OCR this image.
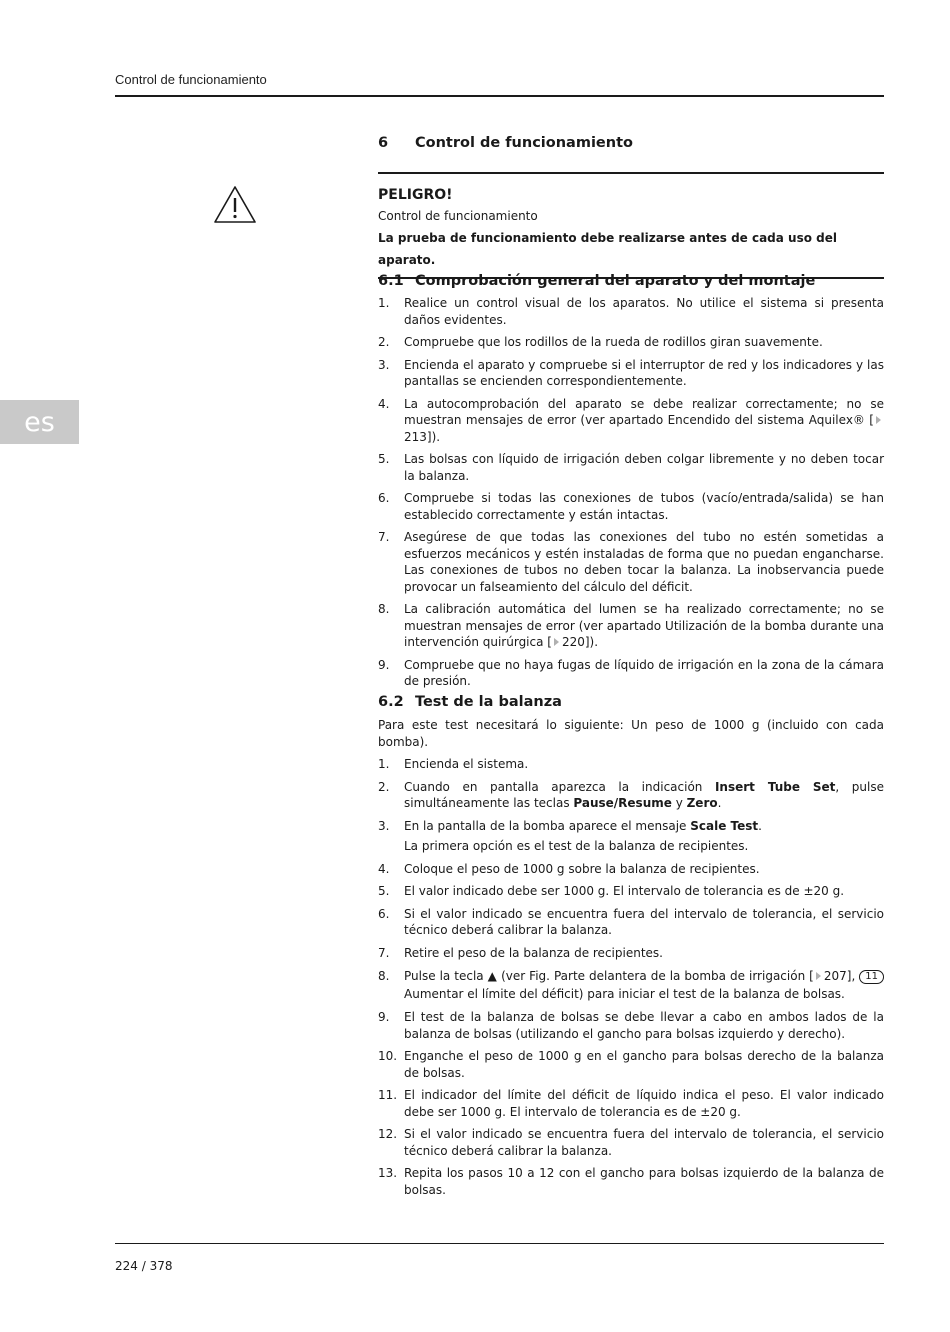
Control de funcionamiento
es
6 Control de funcionamiento
PELIGRO!
Control de funcionamiento
La prueba de funcionamiento debe realizarse antes de cada uso del aparato.
6.1 Comprobación general del aparato y del montaje
1. Realice un control visual de los aparatos. No utilice el sistema si presenta daños evidentes.
2. Compruebe que los rodillos de la rueda de rodillos giran suavemente.
3. Encienda el aparato y compruebe si el interruptor de red y los indicadores y las pantallas se encienden correspondientemente.
4. La autocomprobación del aparato se debe realizar correctamente; no se muestran mensajes de error (ver apartado Encendido del sistema Aquilex® [213]).
5. Las bolsas con líquido de irrigación deben colgar libremente y no deben tocar la balanza.
6. Compruebe si todas las conexiones de tubos (vacío/entrada/salida) se han establecido correctamente y están intactas.
7. Asegúrese de que todas las conexiones del tubo no estén sometidas a esfuerzos mecánicos y estén instaladas de forma que no puedan engancharse. Las conexiones de tubos no deben tocar la balanza. La inobservancia puede provocar un falseamiento del cálculo del déficit.
8. La calibración automática del lumen se ha realizado correctamente; no se muestran mensajes de error (ver apartado Utilización de la bomba durante una intervención quirúrgica [ 220]).
9. Compruebe que no haya fugas de líquido de irrigación en la zona de la cámara de presión.
6.2 Test de la balanza
Para este test necesitará lo siguiente: Un peso de 1000 g (incluido con cada bomba).
1. Encienda el sistema.
2. Cuando en pantalla aparezca la indicación Insert Tube Set, pulse simultáneamente las teclas Pause/Resume y Zero.
3. En la pantalla de la bomba aparece el mensaje Scale Test.
La primera opción es el test de la balanza de recipientes.
4. Coloque el peso de 1000 g sobre la balanza de recipientes.
5. El valor indicado debe ser 1000 g. El intervalo de tolerancia es de ±20 g.
6. Si el valor indicado se encuentra fuera del intervalo de tolerancia, el servicio técnico deberá calibrar la balanza.
7. Retire el peso de la balanza de recipientes.
8. Pulse la tecla ▲ (ver Fig. Parte delantera de la bomba de irrigación [ 207], 11 Aumentar el límite del déficit) para iniciar el test de la balanza de bolsas.
9. El test de la balanza de bolsas se debe llevar a cabo en ambos lados de la balanza de bolsas (utilizando el gancho para bolsas izquierdo y derecho).
10. Enganche el peso de 1000 g en el gancho para bolsas derecho de la balanza de bolsas.
11. El indicador del límite del déficit de líquido indica el peso. El valor indicado debe ser 1000 g. El intervalo de tolerancia es de ±20 g.
12. Si el valor indicado se encuentra fuera del intervalo de tolerancia, el servicio técnico deberá calibrar la balanza.
13. Repita los pasos 10 a 12 con el gancho para bolsas izquierdo de la balanza de bolsas.
224 / 378
